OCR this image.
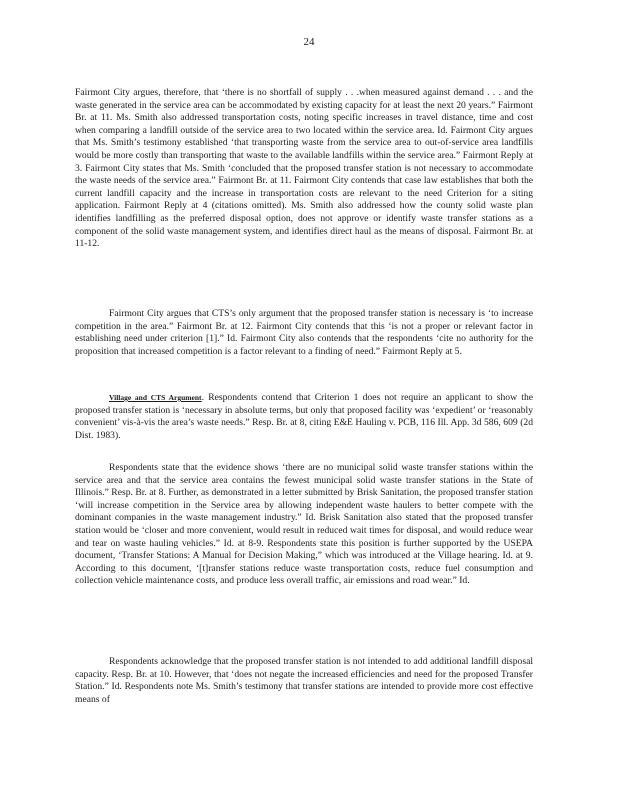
24

Fairmont City argues, therefore, that ‘there is no shortfall of supply . . .when measured against demand . . . and the waste generated in the service area can be accommodated by existing capacity for at least the next 20 years.” Fairmont Br. at 11. Ms. Smith also addressed transportation costs, noting specific increases in travel distance, time and cost when comparing a landfill outside of the service area to two located within the service area. Id. Fairmont City argues that Ms. Smith’s testimony established ‘that transporting waste from the service area to out-of-service area landfills would be more costly than transporting that waste to the available landfills within the service area.” Fairmont Reply at 3. Fairmont City states that Ms. Smith ‘concluded that the proposed transfer station is not necessary to accommodate the waste needs of the service area.” Fairmont Br. at 11. Fairmont City contends that case law establishes that both the current landfill capacity and the increase in transportation costs are relevant to the need Criterion for a siting application. Fairmont Reply at 4 (citations omitted). Ms. Smith also addressed how the county solid waste plan identifies landfilling as the preferred disposal option, does not approve or identify waste transfer stations as a component of the solid waste management system, and identifies direct haul as the means of disposal. Fairmont Br. at 11-12.

Fairmont City argues that CTS’s only argument that the proposed transfer station is necessary is ‘to increase competition in the area.” Fairmont Br. at 12. Fairmont City contends that this ‘is not a proper or relevant factor in establishing need under criterion [1].” Id. Fairmont City also contends that the respondents ‘cite no authority for the proposition that increased competition is a factor relevant to a finding of need.” Fairmont Reply at 5.

Village and CTS Argument. Respondents contend that Criterion 1 does not require an applicant to show the proposed transfer station is ‘necessary in absolute terms, but only that proposed facility was ‘expedient’ or ‘reasonably convenient’ vis-à-vis the area’s waste needs.” Resp. Br. at 8, citing E&E Hauling v. PCB, 116 Ill. App. 3d 586, 609 (2d Dist. 1983).

Respondents state that the evidence shows ‘there are no municipal solid waste transfer stations within the service area and that the service area contains the fewest municipal solid waste transfer stations in the State of Illinois.” Resp. Br. at 8. Further, as demonstrated in a letter submitted by Brisk Sanitation, the proposed transfer station ‘will increase competition in the Service area by allowing independent waste haulers to better compete with the dominant companies in the waste management industry.” Id. Brisk Sanitation also stated that the proposed transfer station would be ‘closer and more convenient, would result in reduced wait times for disposal, and would reduce wear and tear on waste hauling vehicles.” Id. at 8-9. Respondents state this position is further supported by the USEPA document, ‘Transfer Stations: A Manual for Decision Making,” which was introduced at the Village hearing. Id. at 9. According to this document, ‘[t]ransfer stations reduce waste transportation costs, reduce fuel consumption and collection vehicle maintenance costs, and produce less overall traffic, air emissions and road wear.” Id.

Respondents acknowledge that the proposed transfer station is not intended to add additional landfill disposal capacity. Resp. Br. at 10. However, that ‘does not negate the increased efficiencies and need for the proposed Transfer Station.” Id. Respondents note Ms. Smith’s testimony that transfer stations are intended to provide more cost effective means of
